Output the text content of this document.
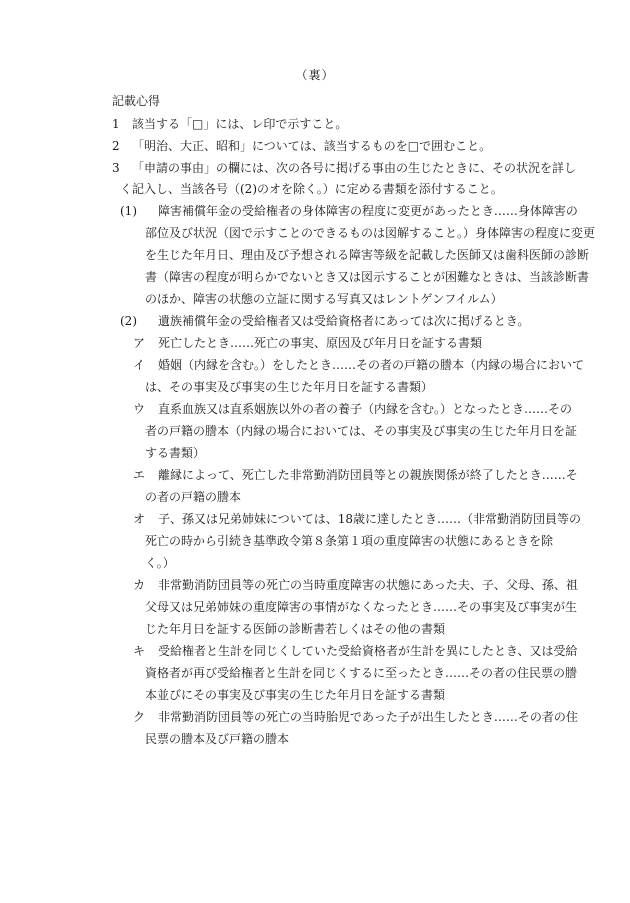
（裏）
記載心得
1 該当する「□」には、レ印で示すこと。
2 「明治、大正、昭和」については、該当するものを□で囲むこと。
3 「申請の事由」の欄には、次の各号に掲げる事由の生じたときに、その状況を詳し
く記入し、当該各号（(2)のオを除く。）に定める書類を添付すること。
(1) 障害補償年金の受給権者の身体障害の程度に変更があったとき……身体障害の
部位及び状況（図で示すことのできるものは図解すること。）身体障害の程度に変更
を生じた年月日、理由及び予想される障害等級を記載した医師又は歯科医師の診断
書（障害の程度が明らかでないとき又は図示することが困難なときは、当該診断書
のほか、障害の状態の立証に関する写真又はレントゲンフイルム）
(2) 遺族補償年金の受給権者又は受給資格者にあっては次に掲げるとき。
ア 死亡したとき……死亡の事実、原因及び年月日を証する書類
イ 婚姻（内縁を含む。）をしたとき……その者の戸籍の謄本（内縁の場合において
は、その事実及び事実の生じた年月日を証する書類）
ウ 直系血族又は直系姻族以外の者の養子（内縁を含む。）となったとき……その
者の戸籍の謄本（内縁の場合においては、その事実及び事実の生じた年月日を証
する書類）
エ 離縁によって、死亡した非常勤消防団員等との親族関係が終了したとき……そ
の者の戸籍の謄本
オ 子、孫又は兄弟姉妹については、18歳に達したとき……（非常勤消防団員等の
死亡の時から引続き基準政令第８条第１項の重度障害の状態にあるときを除
く。）
カ 非常勤消防団員等の死亡の当時重度障害の状態にあった夫、子、父母、孫、祖
父母又は兄弟姉妹の重度障害の事情がなくなったとき……その事実及び事実が生
じた年月日を証する医師の診断書若しくはその他の書類
キ 受給権者と生計を同じくしていた受給資格者が生計を異にしたとき、又は受給
資格者が再び受給権者と生計を同じくするに至ったとき……その者の住民票の謄
本並びにその事実及び事実の生じた年月日を証する書類
ク 非常勤消防団員等の死亡の当時胎児であった子が出生したとき……その者の住
民票の謄本及び戸籍の謄本
